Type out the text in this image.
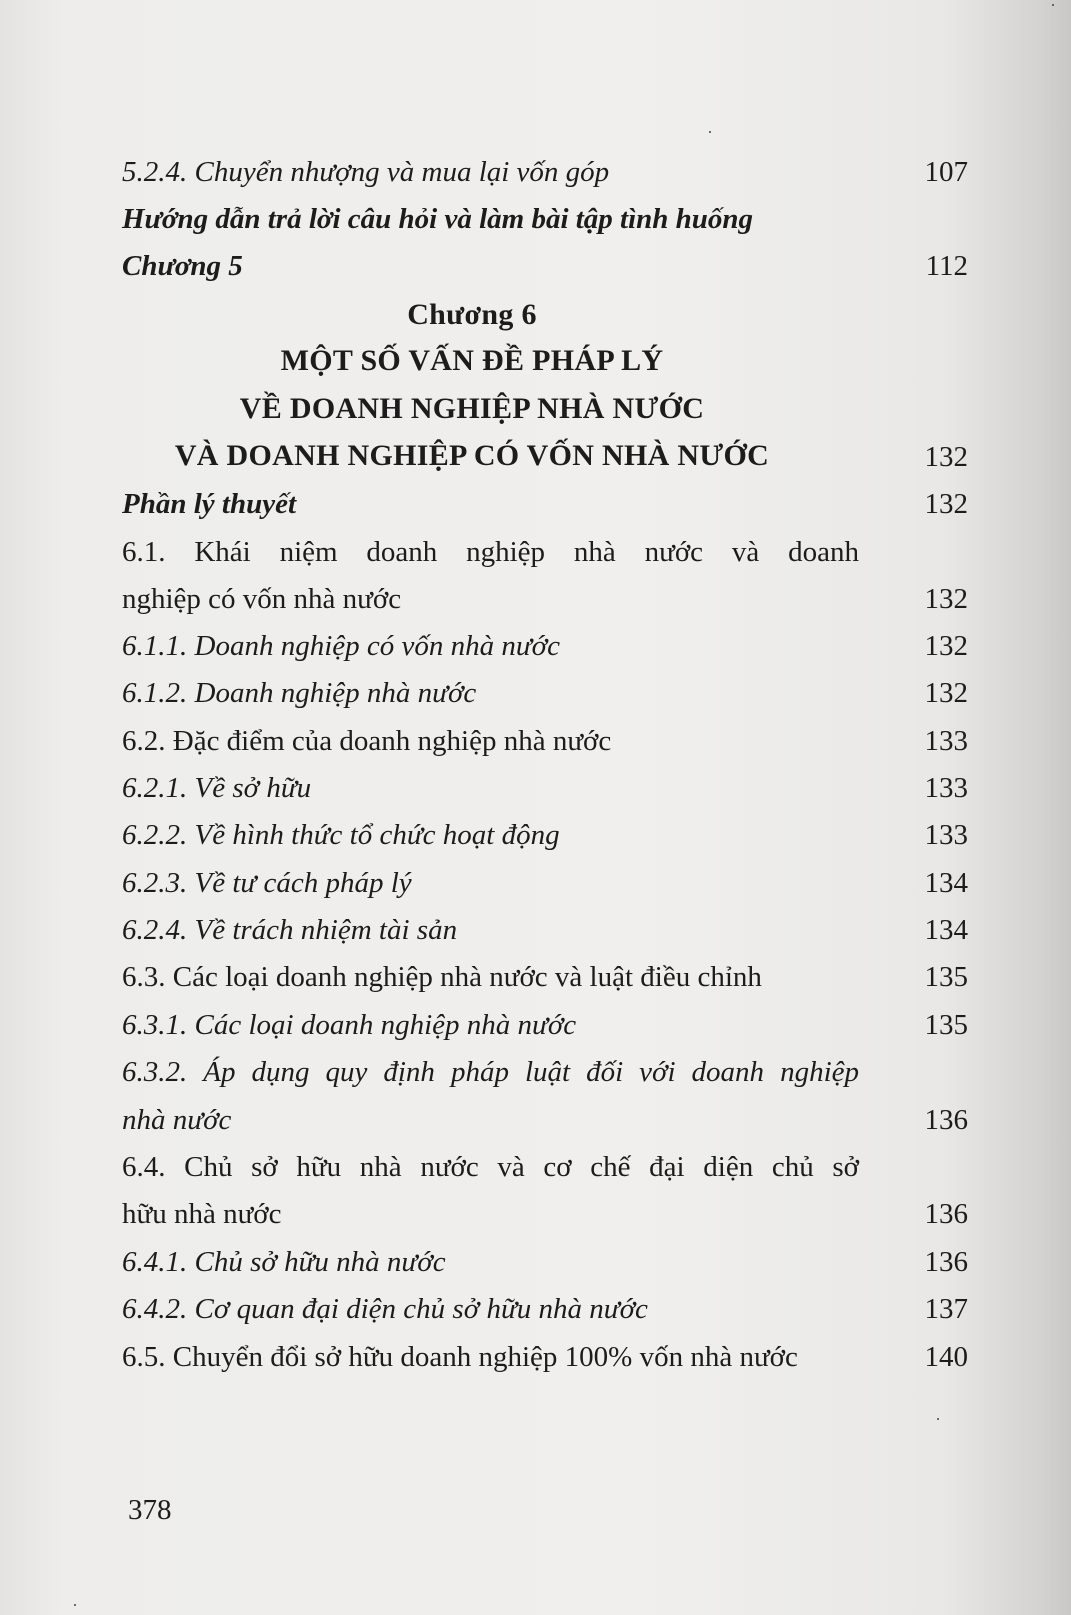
5.2.4. Chuyển nhượng và mua lại vốn góp	107
Hướng dẫn trả lời câu hỏi và làm bài tập tình huống
Chương 5	112
Chương 6
MỘT SỐ VẤN ĐỀ PHÁP LÝ
VỀ DOANH NGHIỆP NHÀ NƯỚC
VÀ DOANH NGHIỆP CÓ VỐN NHÀ NƯỚC	132
Phần lý thuyết	132
6.1. Khái niệm doanh nghiệp nhà nước và doanh
nghiệp có vốn nhà nước	132
6.1.1. Doanh nghiệp có vốn nhà nước	132
6.1.2. Doanh nghiệp nhà nước	132
6.2. Đặc điểm của doanh nghiệp nhà nước	133
6.2.1. Về sở hữu	133
6.2.2. Về hình thức tổ chức hoạt động	133
6.2.3. Về tư cách pháp lý	134
6.2.4. Về trách nhiệm tài sản	134
6.3. Các loại doanh nghiệp nhà nước và luật điều chỉnh	135
6.3.1. Các loại doanh nghiệp nhà nước	135
6.3.2. Áp dụng quy định pháp luật đối với doanh nghiệp
nhà nước	136
6.4. Chủ sở hữu nhà nước và cơ chế đại diện chủ sở
hữu nhà nước	136
6.4.1. Chủ sở hữu nhà nước	136
6.4.2. Cơ quan đại diện chủ sở hữu nhà nước	137
6.5. Chuyển đổi sở hữu doanh nghiệp 100% vốn nhà nước	140
378
